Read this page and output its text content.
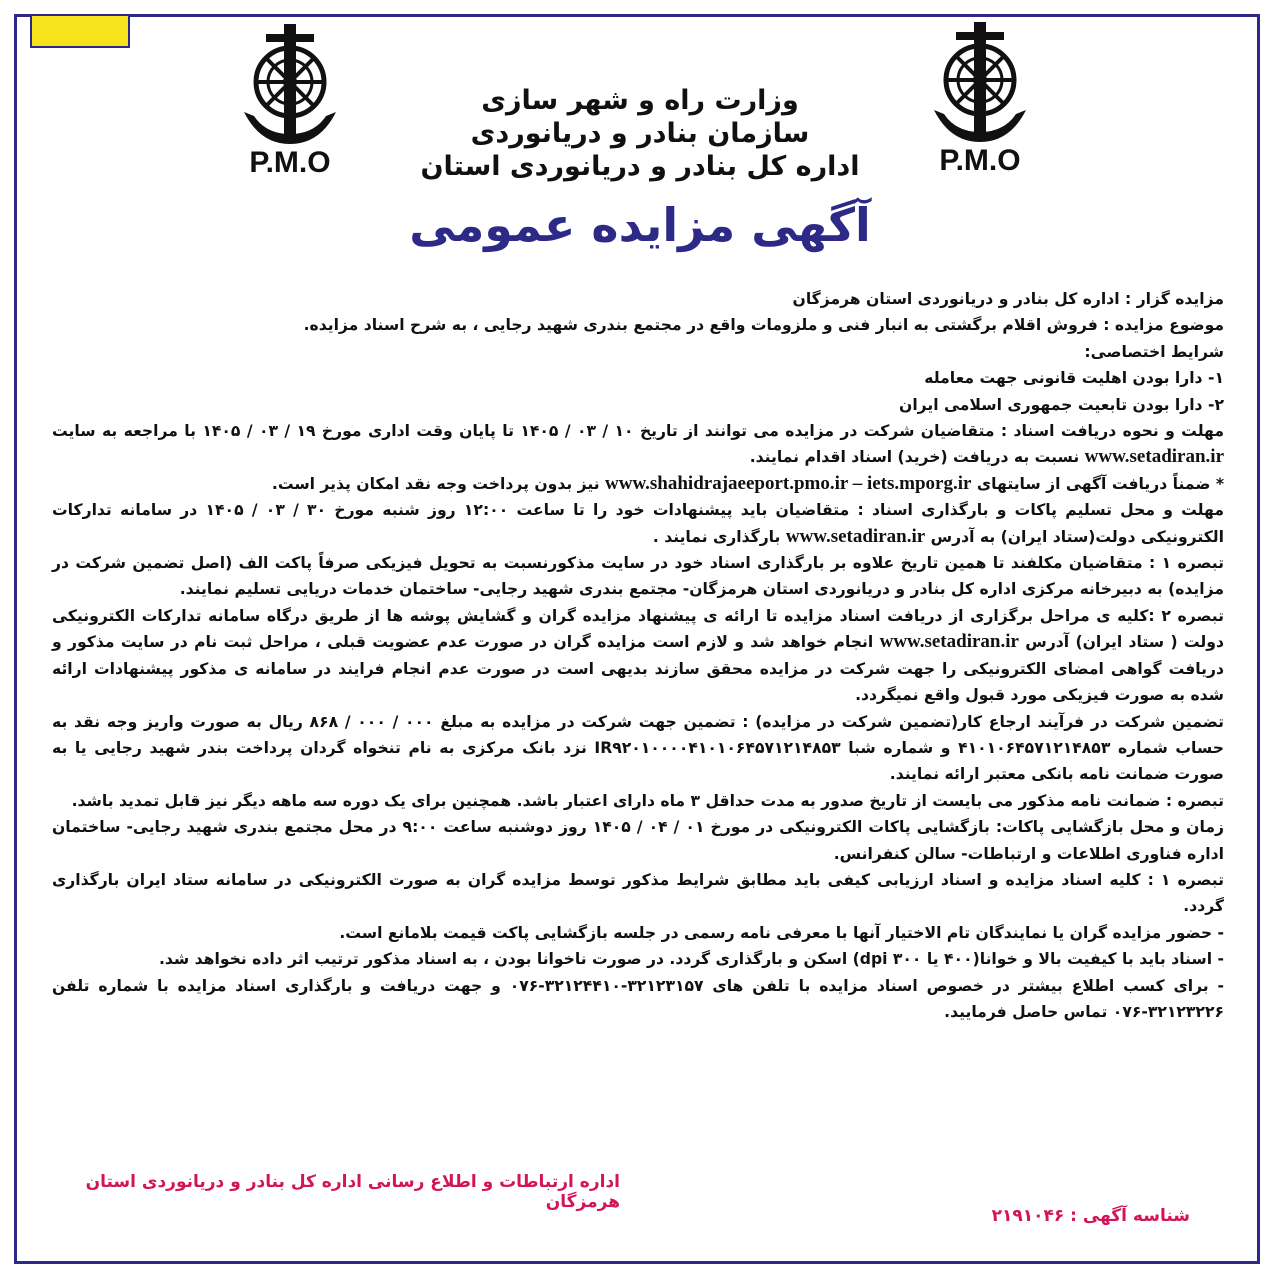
P.M.O	P.M.O
وزارت راه و شهر سازی
سازمان بنادر و دریانوردی
اداره کل بنادر و دریانوردی استان
آگهی مزایده عمومی

مزایده گزار : اداره کل بنادر و دریانوردی استان هرمزگان

موضوع مزایده : فروش اقلام برگشتی به انبار فنی و ملزومات واقع در مجتمع بندری شهید رجایی ، به شرح اسناد مزایده.

شرایط اختصاصی:

۱- دارا بودن اهلیت قانونی جهت معامله

۲- دارا بودن تابعیت جمهوری اسلامی ایران

مهلت و نحوه دریافت اسناد : متقاضیان شرکت در مزایده می توانند از تاریخ ۱۰ / ۰۳ / ۱۴۰۵ تا پایان وقت اداری مورخ ۱۹ / ۰۳ / ۱۴۰۵ با مراجعه به سایت www.setadiran.ir نسبت به دریافت (خرید) اسناد اقدام نمایند.

* ضمناً دریافت آگهی از سایتهای www.shahidrajaeeport.pmo.ir – iets.mporg.ir نیز بدون پرداخت وجه نقد امکان پذیر است.

مهلت و محل تسلیم پاکات و بارگذاری اسناد : متقاضیان باید پیشنهادات خود را تا ساعت ۱۲:۰۰ روز شنبه مورخ ۳۰ / ۰۳ / ۱۴۰۵ در سامانه تدارکات الکترونیکی دولت(ستاد ایران) به آدرس www.setadiran.ir بارگذاری نمایند .

تبصره ۱ : متقاضیان مکلفند تا همین تاریخ علاوه بر بارگذاری اسناد خود در سایت مذکورنسبت به تحویل فیزیکی صرفاً پاکت الف (اصل تضمین شرکت در مزایده) به دبیرخانه مرکزی اداره کل بنادر و دریانوردی استان هرمزگان- مجتمع بندری شهید رجایی- ساختمان خدمات دریایی تسلیم نمایند.

تبصره ۲ :کلیه ی مراحل برگزاری از دریافت اسناد مزایده تا ارائه ی پیشنهاد مزایده گران و گشایش پوشه ها از طریق درگاه سامانه تدارکات الکترونیکی دولت ( ستاد ایران) آدرس www.setadiran.ir انجام خواهد شد و لازم است مزایده گران در صورت عدم عضویت قبلی ، مراحل ثبت نام در سایت مذکور و دریافت گواهی امضای الکترونیکی را جهت شرکت در مزایده محقق سازند بدیهی است در صورت عدم انجام فرایند در سامانه ی مذکور پیشنهادات ارائه شده به صورت فیزیکی مورد قبول واقع نمیگردد.

تضمین شرکت در فرآیند ارجاع کار(تضمین شرکت در مزایده) : تضمین جهت شرکت در مزایده به مبلغ ۰۰۰ / ۰۰۰ / ۸۶۸ ریال به صورت واریز وجه نقد به حساب شماره ۴۱۰۱۰۶۴۵۷۱۲۱۴۸۵۳ و شماره شبا IR۹۲۰۱۰۰۰۰۴۱۰۱۰۶۴۵۷۱۲۱۴۸۵۳ نزد بانک مرکزی به نام تنخواه گردان پرداخت بندر شهید رجایی یا به صورت ضمانت نامه بانکی معتبر ارائه نمایند.

تبصره : ضمانت نامه مذکور می بایست از تاریخ صدور به مدت حداقل ۳ ماه دارای اعتبار باشد. همچنین برای یک دوره سه ماهه دیگر نیز قابل تمدید باشد.

زمان و محل بازگشایی پاکات: بازگشایی پاکات الکترونیکی در مورخ ۰۱ / ۰۴ / ۱۴۰۵ روز دوشنبه ساعت ۹:۰۰ در محل مجتمع بندری شهید رجایی- ساختمان اداره فناوری اطلاعات و ارتباطات- سالن کنفرانس.

تبصره ۱ : کلیه اسناد مزایده و اسناد ارزیابی کیفی باید مطابق شرایط مذکور توسط مزایده گران به صورت الکترونیکی در سامانه ستاد ایران بارگذاری گردد.

- حضور مزایده گران یا نمایندگان تام الاختیار آنها با معرفی نامه رسمی در جلسه بازگشایی پاکت قیمت بلامانع است.

- اسناد باید با کیفیت بالا و خوانا(۴۰۰ یا ۳۰۰ dpi) اسکن و بارگذاری گردد. در صورت ناخوانا بودن ، به اسناد مذکور ترتیب اثر داده نخواهد شد.

- برای کسب اطلاع بیشتر در خصوص اسناد مزایده با تلفن های ۳۲۱۲۳۱۵۷-۳۲۱۲۴۴۱۰-۰۷۶ و جهت دریافت و بارگذاری اسناد مزایده با شماره تلفن ۳۲۱۲۳۲۲۶-۰۷۶ تماس حاصل فرمایید.

اداره ارتباطات و اطلاع رسانی اداره کل بنادر و دریانوردی استان هرمزگان
شناسه آگهی : ۲۱۹۱۰۴۶
